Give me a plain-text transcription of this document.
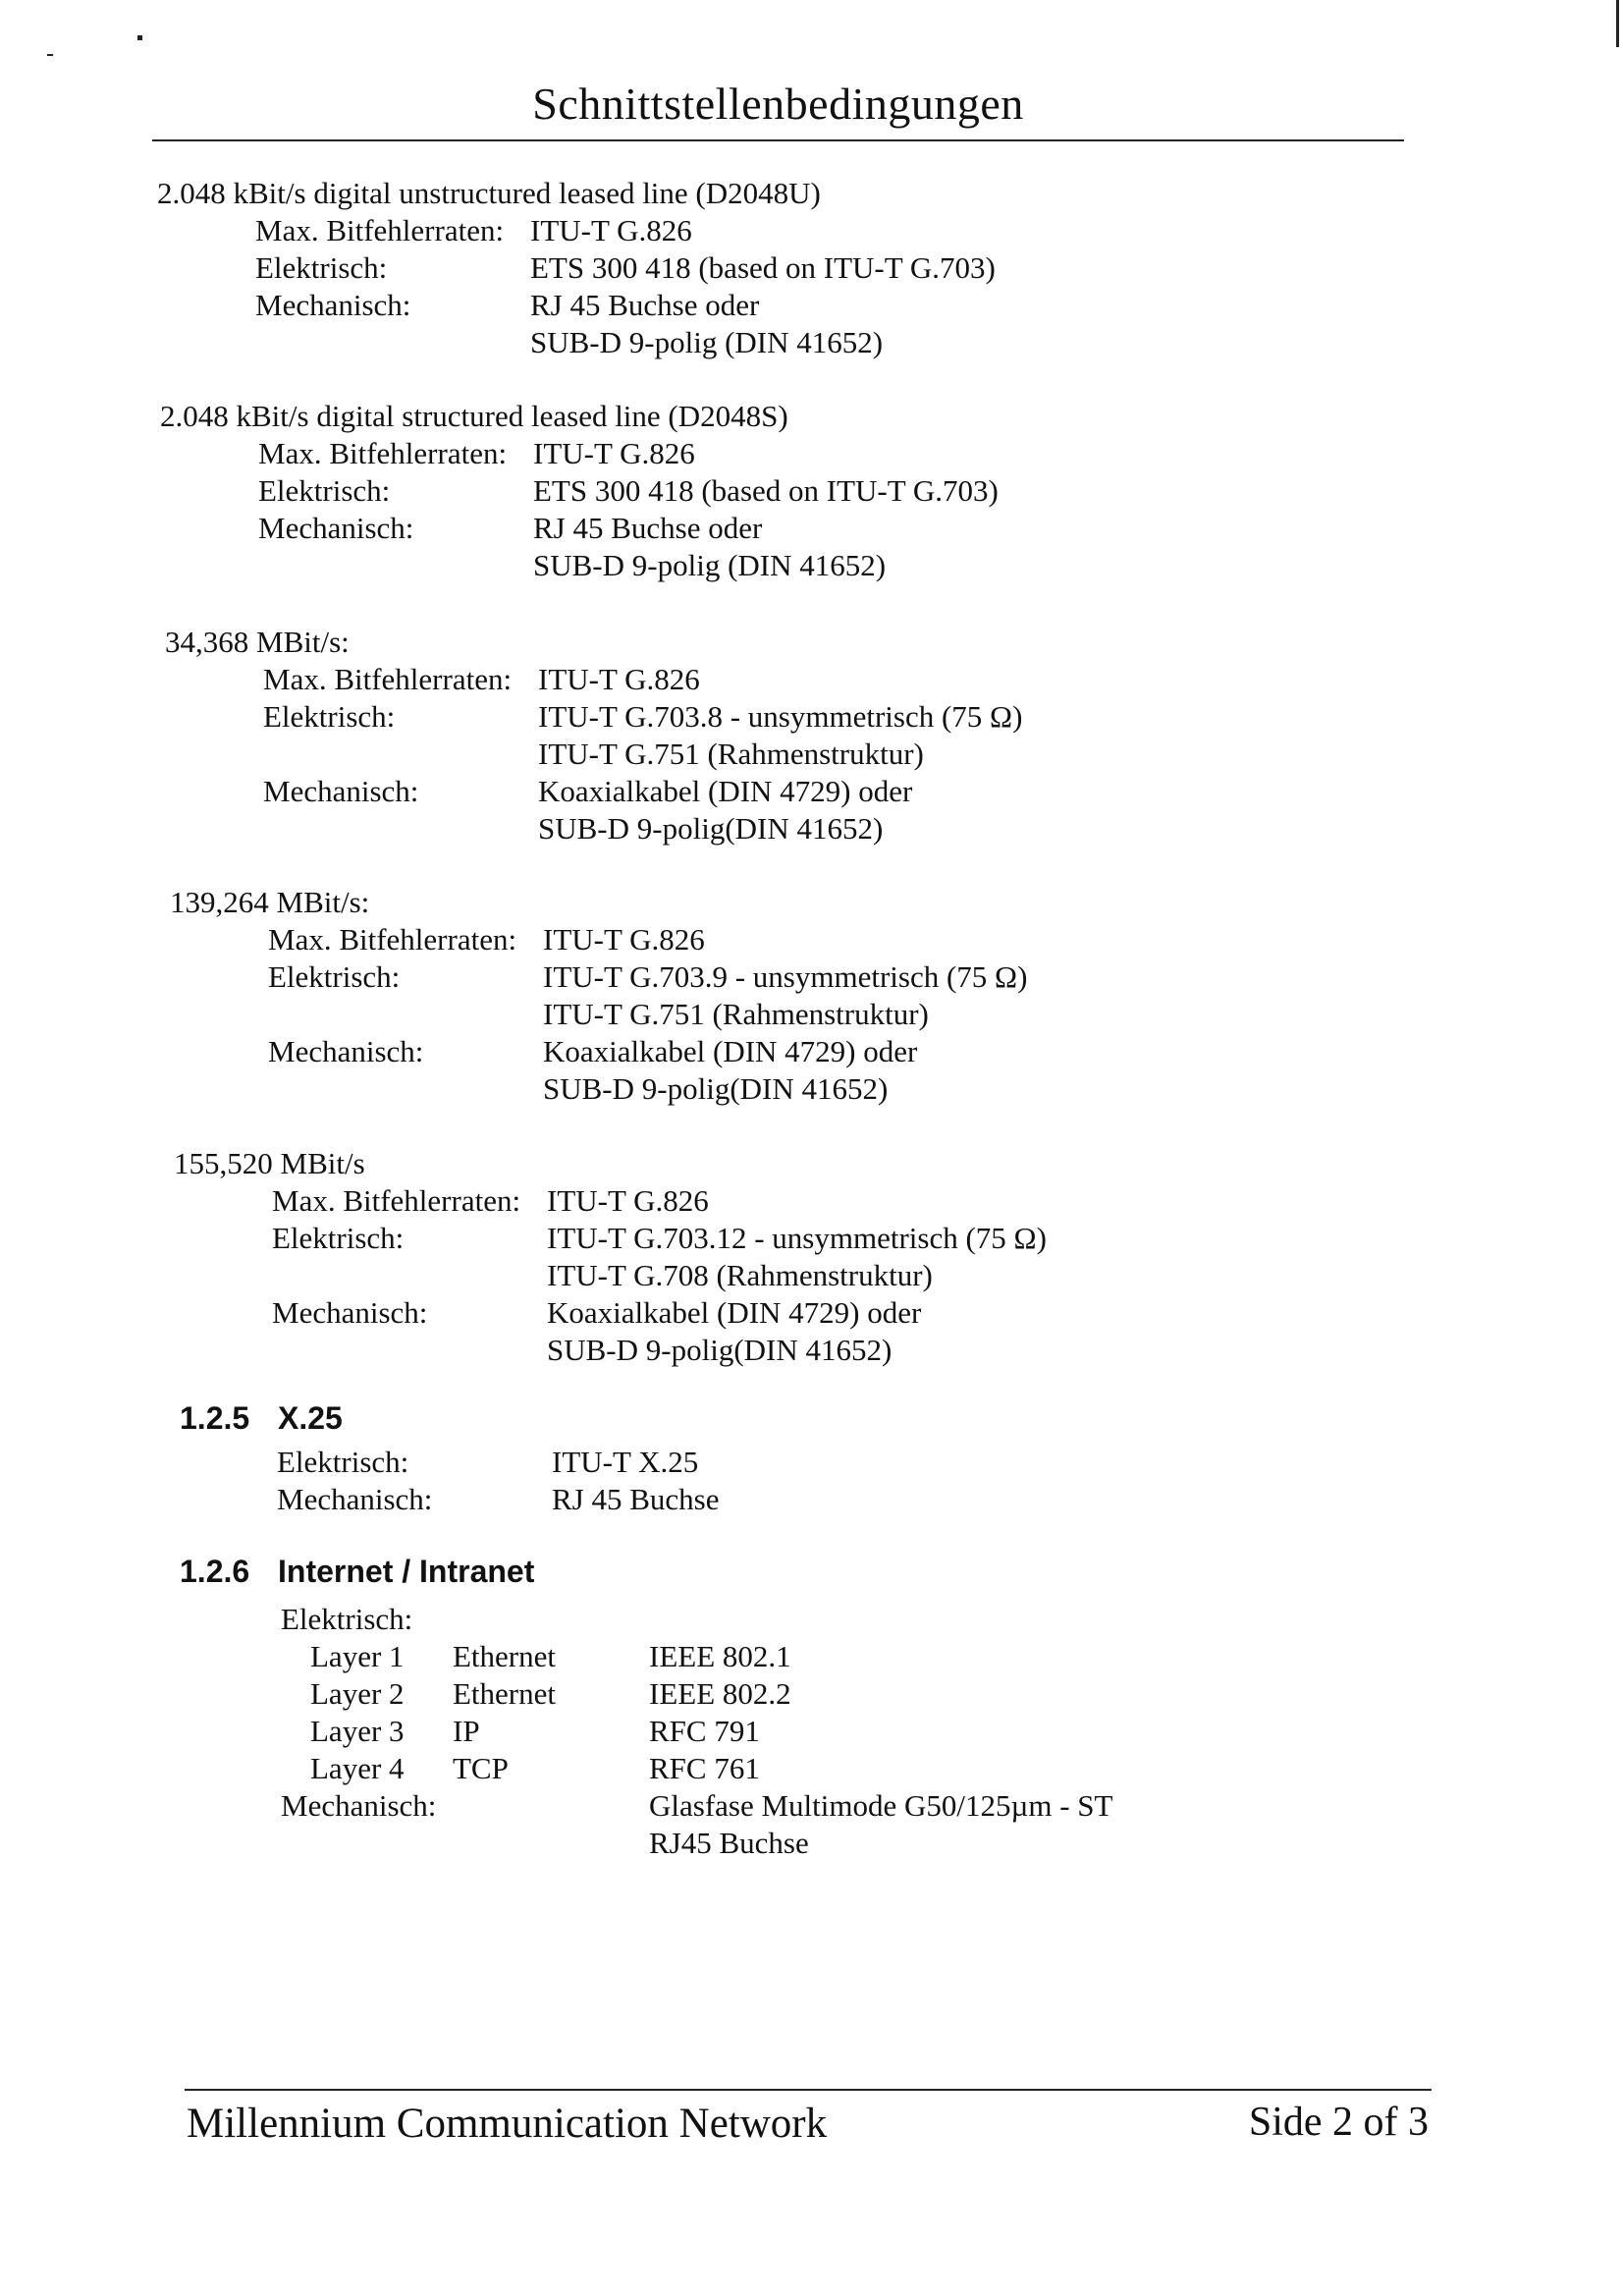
Schnittstellenbedingungen
2.048 kBit/s digital unstructured leased line (D2048U)
Max. Bitfehlerraten: ITU-T G.826
Elektrisch:	ETS 300 418 (based on ITU-T G.703)
Mechanisch:	RJ 45 Buchse oder
SUB-D 9-polig (DIN 41652)
2.048 kBit/s digital structured leased line (D2048S)
Max. Bitfehlerraten: ITU-T G.826
Elektrisch:	ETS 300 418 (based on ITU-T G.703)
Mechanisch:	RJ 45 Buchse oder
SUB-D 9-polig (DIN 41652)
34,368 MBit/s:
Max. Bitfehlerraten: ITU-T G.826
Elektrisch:	ITU-T G.703.8 - unsymmetrisch (75 Ω)
ITU-T G.751 (Rahmenstruktur)
Mechanisch:	Koaxialkabel (DIN 4729) oder
SUB-D 9-polig(DIN 41652)
139,264 MBit/s:
Max. Bitfehlerraten: ITU-T G.826
Elektrisch:	ITU-T G.703.9 - unsymmetrisch (75 Ω)
ITU-T G.751 (Rahmenstruktur)
Mechanisch:	Koaxialkabel (DIN 4729) oder
SUB-D 9-polig(DIN 41652)
155,520 MBit/s
Max. Bitfehlerraten: ITU-T G.826
Elektrisch:	ITU-T G.703.12 - unsymmetrisch (75 Ω)
ITU-T G.708 (Rahmenstruktur)
Mechanisch:	Koaxialkabel (DIN 4729) oder
SUB-D 9-polig(DIN 41652)
1.2.5 X.25
Elektrisch:	ITU-T X.25
Mechanisch:	RJ 45 Buchse
1.2.6 Internet / Intranet
Elektrisch:
Layer 1 Ethernet	IEEE 802.1
Layer 2 Ethernet	IEEE 802.2
Layer 3 IP	RFC 791
Layer 4 TCP	RFC 761
Mechanisch:	Glasfase Multimode G50/125µm - ST
RJ45 Buchse
Millennium Communication Network	Side 2 of 3
